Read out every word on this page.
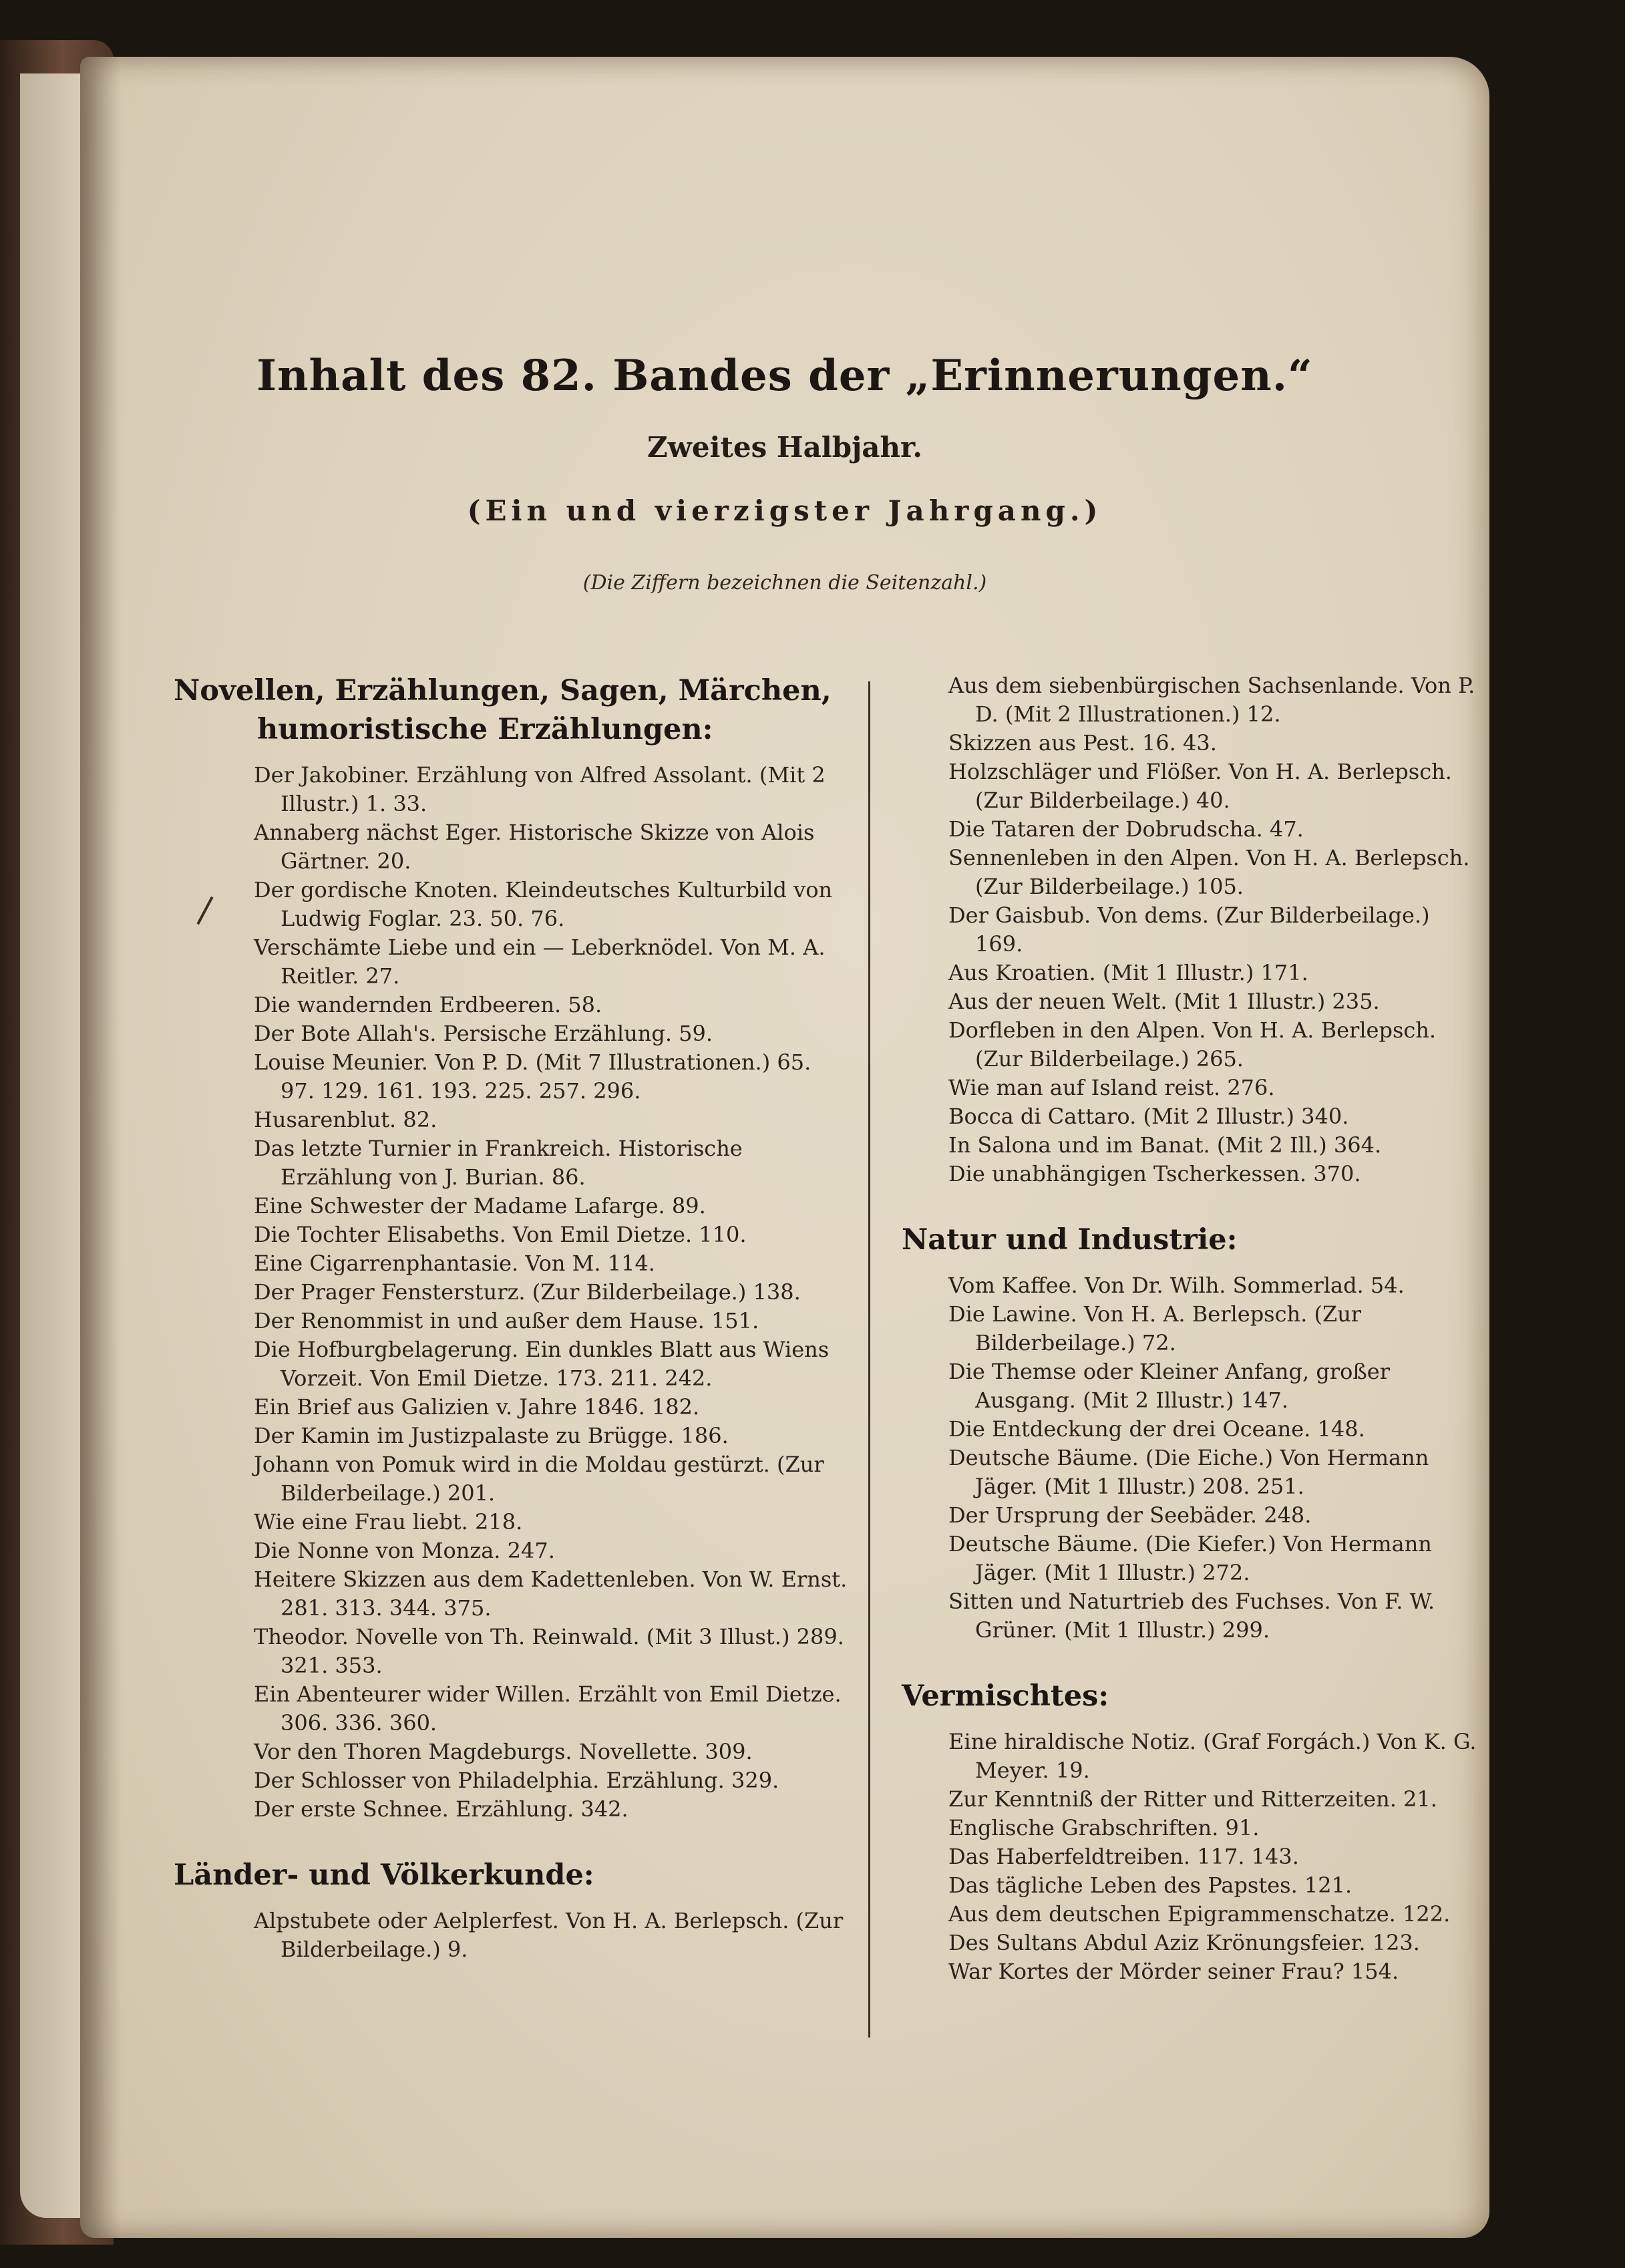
Inhalt des 82. Bandes der „Erinnerungen.“
Zweites Halbjahr.
(Ein und vierzigster Jahrgang.)
(Die Ziffern bezeichnen die Seitenzahl.)
Novellen, Erzählungen, Sagen, Märchen, humoristische Erzählungen:

Der Jakobiner. Erzählung von Alfred Assolant. (Mit 2 Illustr.) 1. 33.

Annaberg nächst Eger. Historische Skizze von Alois Gärtner. 20.

Der gordische Knoten. Kleindeutsches Kulturbild von Ludwig Foglar. 23. 50. 76.

Verschämte Liebe und ein — Leberknödel. Von M. A. Reitler. 27.

Die wandernden Erdbeeren. 58.

Der Bote Allah's. Persische Erzählung. 59.

Louise Meunier. Von P. D. (Mit 7 Illustrationen.) 65. 97. 129. 161. 193. 225. 257. 296.

Husarenblut. 82.

Das letzte Turnier in Frankreich. Historische Erzählung von J. Burian. 86.

Eine Schwester der Madame Lafarge. 89.

Die Tochter Elisabeths. Von Emil Dietze. 110.

Eine Cigarrenphantasie. Von M. 114.

Der Prager Fenstersturz. (Zur Bilderbeilage.) 138.

Der Renommist in und außer dem Hause. 151.

Die Hofburgbelagerung. Ein dunkles Blatt aus Wiens Vorzeit. Von Emil Dietze. 173. 211. 242.

Ein Brief aus Galizien v. Jahre 1846. 182.

Der Kamin im Justizpalaste zu Brügge. 186.

Johann von Pomuk wird in die Moldau gestürzt. (Zur Bilderbeilage.) 201.

Wie eine Frau liebt. 218.

Die Nonne von Monza. 247.

Heitere Skizzen aus dem Kadettenleben. Von W. Ernst. 281. 313. 344. 375.

Theodor. Novelle von Th. Reinwald. (Mit 3 Illust.) 289. 321. 353.

Ein Abenteurer wider Willen. Erzählt von Emil Dietze. 306. 336. 360.

Vor den Thoren Magdeburgs. Novellette. 309.

Der Schlosser von Philadelphia. Erzählung. 329.

Der erste Schnee. Erzählung. 342.

Länder- und Völkerkunde:

Alpstubete oder Aelplerfest. Von H. A. Berlepsch. (Zur Bilderbeilage.) 9.

Aus dem siebenbürgischen Sachsenlande. Von P. D. (Mit 2 Illustrationen.) 12.

Skizzen aus Pest. 16. 43.

Holzschläger und Flößer. Von H. A. Berlepsch. (Zur Bilderbeilage.) 40.

Die Tataren der Dobrudscha. 47.

Sennenleben in den Alpen. Von H. A. Berlepsch. (Zur Bilderbeilage.) 105.

Der Gaisbub. Von dems. (Zur Bilderbeilage.) 169.

Aus Kroatien. (Mit 1 Illustr.) 171.

Aus der neuen Welt. (Mit 1 Illustr.) 235.

Dorfleben in den Alpen. Von H. A. Berlepsch. (Zur Bilderbeilage.) 265.

Wie man auf Island reist. 276.

Bocca di Cattaro. (Mit 2 Illustr.) 340.

In Salona und im Banat. (Mit 2 Ill.) 364.

Die unabhängigen Tscherkessen. 370.

Natur und Industrie:

Vom Kaffee. Von Dr. Wilh. Sommerlad. 54.

Die Lawine. Von H. A. Berlepsch. (Zur Bilderbeilage.) 72.

Die Themse oder Kleiner Anfang, großer Ausgang. (Mit 2 Illustr.) 147.

Die Entdeckung der drei Oceane. 148.

Deutsche Bäume. (Die Eiche.) Von Hermann Jäger. (Mit 1 Illustr.) 208. 251.

Der Ursprung der Seebäder. 248.

Deutsche Bäume. (Die Kiefer.) Von Hermann Jäger. (Mit 1 Illustr.) 272.

Sitten und Naturtrieb des Fuchses. Von F. W. Grüner. (Mit 1 Illustr.) 299.

Vermischtes:

Eine hiraldische Notiz. (Graf Forgách.) Von K. G. Meyer. 19.

Zur Kenntniß der Ritter und Ritterzeiten. 21.

Englische Grabschriften. 91.

Das Haberfeldtreiben. 117. 143.

Das tägliche Leben des Papstes. 121.

Aus dem deutschen Epigrammenschatze. 122.

Des Sultans Abdul Aziz Krönungsfeier. 123.

War Kortes der Mörder seiner Frau? 154.
